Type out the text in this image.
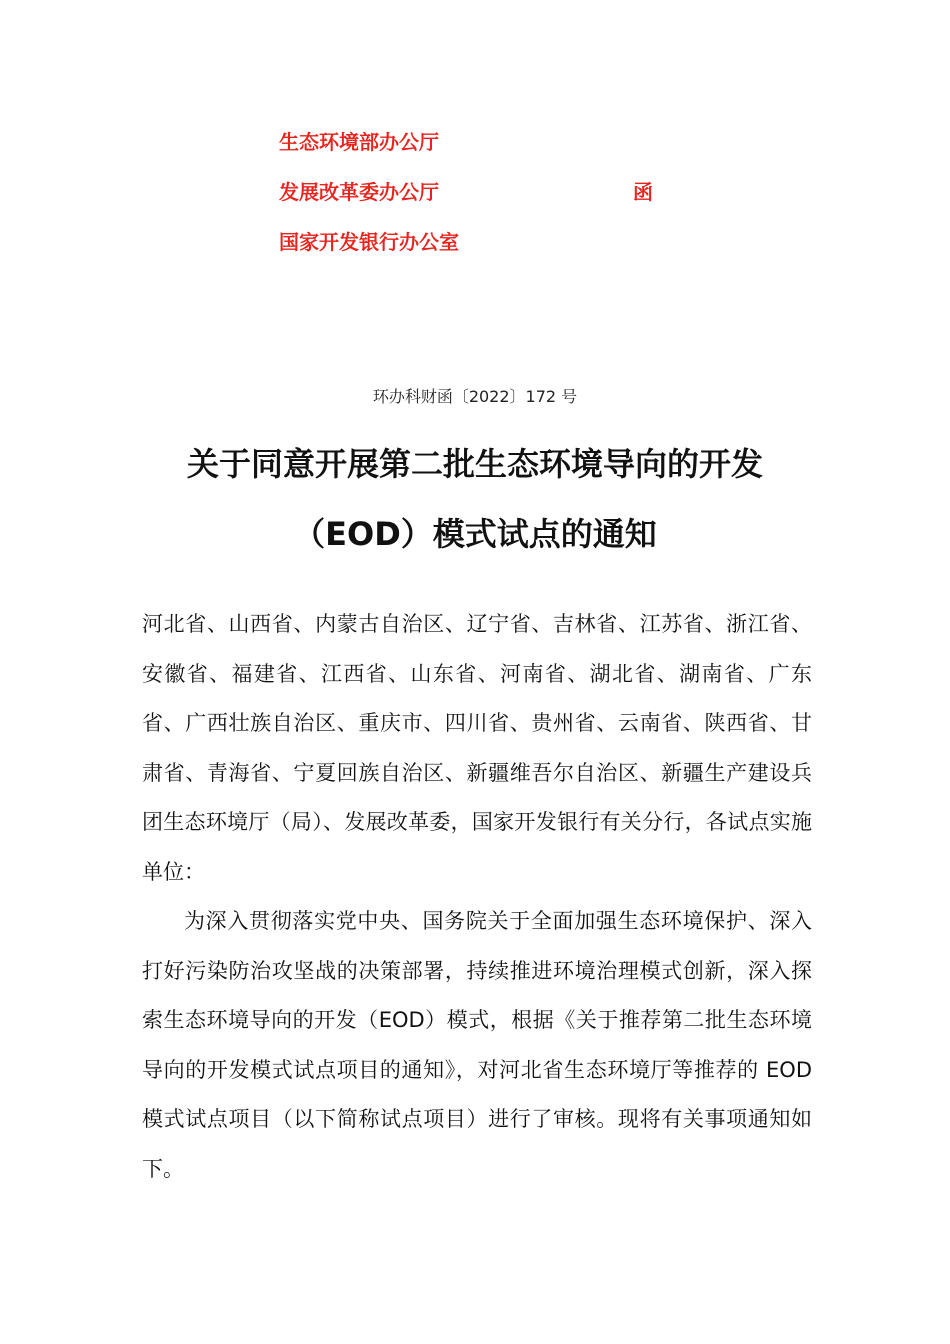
生态环境部办公厅
发展改革委办公厅
国家开发银行办公室
函
环办科财函〔2022〕172 号
关于同意开展第二批生态环境导向的开发
（EOD）模式试点的通知

河北省、山西省、内蒙古自治区、辽宁省、吉林省、江苏省、浙江省、安徽省、福建省、江西省、山东省、河南省、湖北省、湖南省、广东省、广西壮族自治区、重庆市、四川省、贵州省、云南省、陕西省、甘肃省、青海省、宁夏回族自治区、新疆维吾尔自治区、新疆生产建设兵团生态环境厅（局）、发展改革委，国家开发银行有关分行，各试点实施单位：

为深入贯彻落实党中央、国务院关于全面加强生态环境保护、深入打好污染防治攻坚战的决策部署，持续推进环境治理模式创新，深入探索生态环境导向的开发（EOD）模式，根据《关于推荐第二批生态环境导向的开发模式试点项目的通知》，对河北省生态环境厅等推荐的 EOD 模式试点项目（以下简称试点项目）进行了审核。现将有关事项通知如下。
